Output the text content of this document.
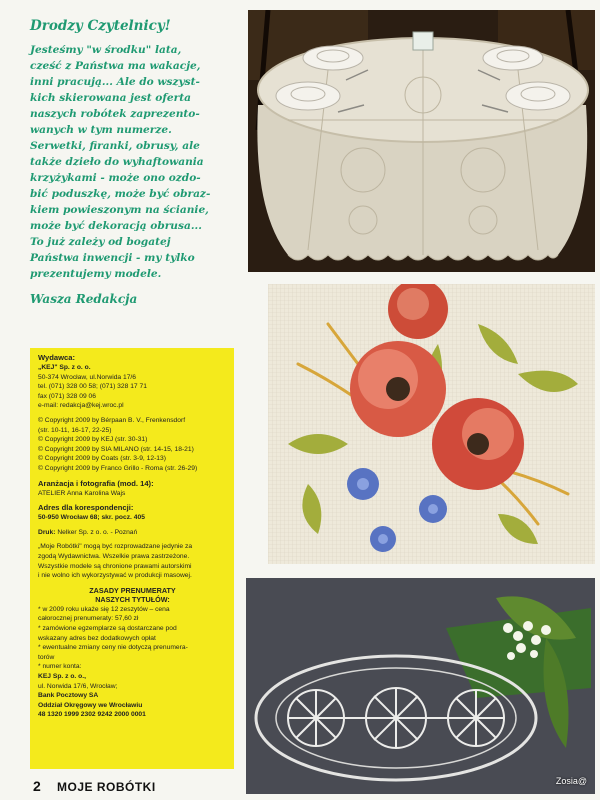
Drodzy Czytelnicy!
Jesteśmy "w środku" lata,
cześć z Państwa ma wakacje,
inni pracują... Ale do wszyst-
kich skierowana jest oferta
naszych robótek zaprezento-
wanych w tym numerze.
Serwetki, firanki, obrusy, ale
także dzieło do wyhaftowania
krzyżykami - może ono ozdo-
bić poduszkę, może być obraz-
kiem powieszonym na ścianie,
może być dekoracją obrusa...
To już zależy od bogatej
Państwa inwencji - my tylko
prezentujemy modele.
Wasza Redakcja
Wydawca:
„KEJ" Sp. z o. o.
50-374 Wrocław, ul.Norwida 17/6
tel. (071) 328 00 58; (071) 328 17 71
fax (071) 328 09 06
e-mail: redakcja@kej.wroc.pl
© Copyright 2009 by Bérpaan B. V., Frenkensdorf
(str. 10-11, 16-17, 22-25)
© Copyright 2009 by KEJ (str. 30-31)
© Copyright 2009 by SIA MILANO (str. 14-15, 18-21)
© Copyright 2009 by Coats (str. 3-9, 12-13)
© Copyright 2009 by Franco Grillo - Roma (str. 26-29)
Aranżacja i fotografia (mod. 14):
ATELIER Anna Karolina Wajs
Adres dla korespondencji:
50-950 Wrocław 68; skr. pocz. 405
Druk: Nelker Sp. z o. o. - Poznań
„Moje Robótki" mogą być rozprowadzane jedynie za
zgodą Wydawnictwa. Wszelkie prawa zastrzeżone.
Wszystkie modele są chronione prawami autorskimi
i nie wolno ich wykorzystywać w produkcji masowej.
ZASADY PRENUMERATY
NASZYCH TYTUŁÓW:
* w 2009 roku ukaże się 12 zeszytów – cena
całorocznej prenumeraty: 57,60 zł
* zamówione egzemplarze są dostarczane pod
wskazany adres bez dodatkowych opłat
* ewentualne zmiany ceny nie dotyczą prenumera-
torów
* numer konta:
KEJ Sp. z o. o.,
ul. Norwida 17/6, Wrocław;
Bank Pocztowy SA
Oddział Okręgowy we Wrocławiu
48 1320 1999 2302 9242 2000 0001
2 MOJE ROBÓTKI	Zosia@
